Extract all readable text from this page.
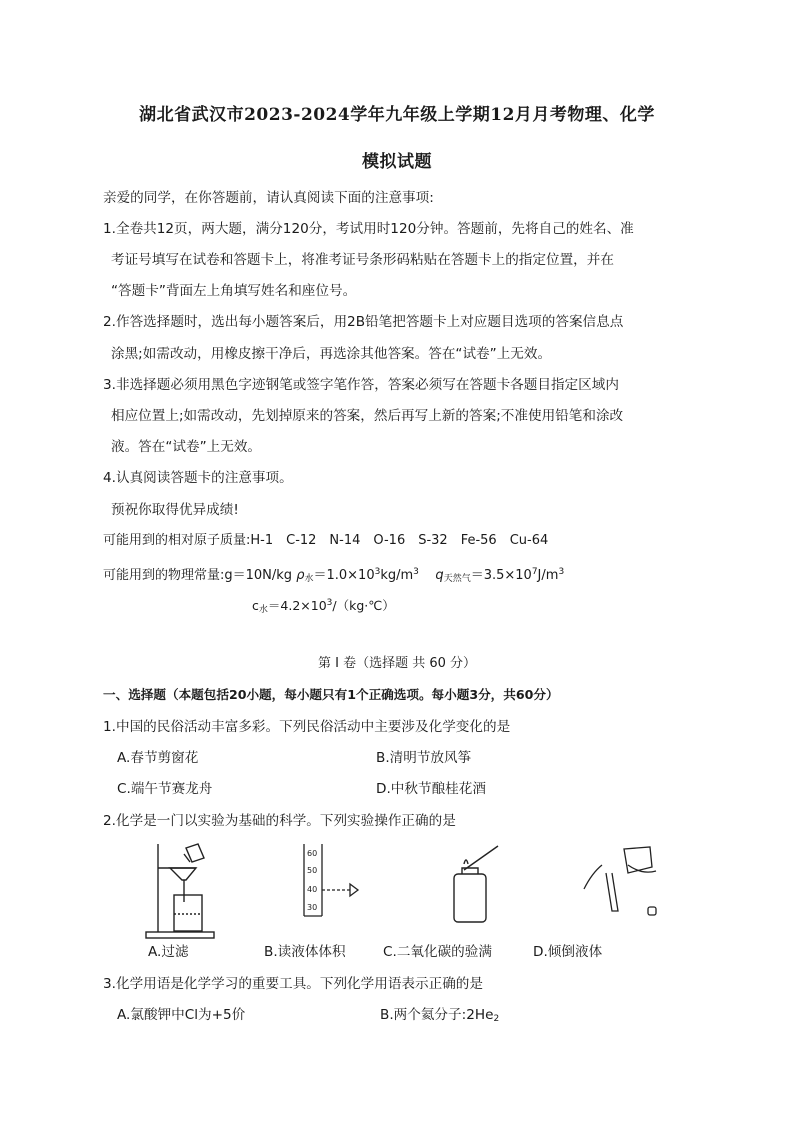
湖北省武汉市2023-2024学年九年级上学期12月月考物理、化学
模拟试题
亲爱的同学，在你答题前，请认真阅读下面的注意事项:
1.全卷共12页，两大题，满分120分，考试用时120分钟。答题前，先将自己的姓名、准
考证号填写在试卷和答题卡上，将准考证号条形码粘贴在答题卡上的指定位置，并在
“答题卡”背面左上角填写姓名和座位号。
2.作答选择题时，选出每小题答案后，用2B铅笔把答题卡上对应题目选项的答案信息点
涂黑;如需改动，用橡皮擦干净后，再选涂其他答案。答在“试卷”上无效。
3.非选择题必须用黑色字迹钢笔或签字笔作答，答案必须写在答题卡各题目指定区域内
相应位置上;如需改动，先划掉原来的答案，然后再写上新的答案;不准使用铅笔和涂改
液。答在“试卷”上无效。
4.认真阅读答题卡的注意事项。
预祝你取得优异成绩!
可能用到的相对原子质量:H-1　C-12　N-14　O-16　S-32　Fe-56　Cu-64
可能用到的物理常量:g＝10N/kg $\rho_水=1.0\times 10^3kg/m^3$ $q_{天然气}=3.5\times 10^7J/m^3$
$c_水=4.2\times 10^3/(kg\cdot℃)$
第 I 卷（选择题 共 60 分）
一、选择题（本题包括20小题，每小题只有1个正确选项。每小题3分，共60分）
1.中国的民俗活动丰富多彩。下列民俗活动中主要涉及化学变化的是
A.春节剪窗花	B.清明节放风筝
C.端午节赛龙舟	D.中秋节酿桂花酒
2.化学是一门以实验为基础的科学。下列实验操作正确的是
60
50
40
30
A.过滤	B.读液体体积	C.二氧化碳的验满	D.倾倒液体
3.化学用语是化学学习的重要工具。下列化学用语表示正确的是
A.氯酸钾中Cl为+5价	B.两个氦分子$:2He_2$
